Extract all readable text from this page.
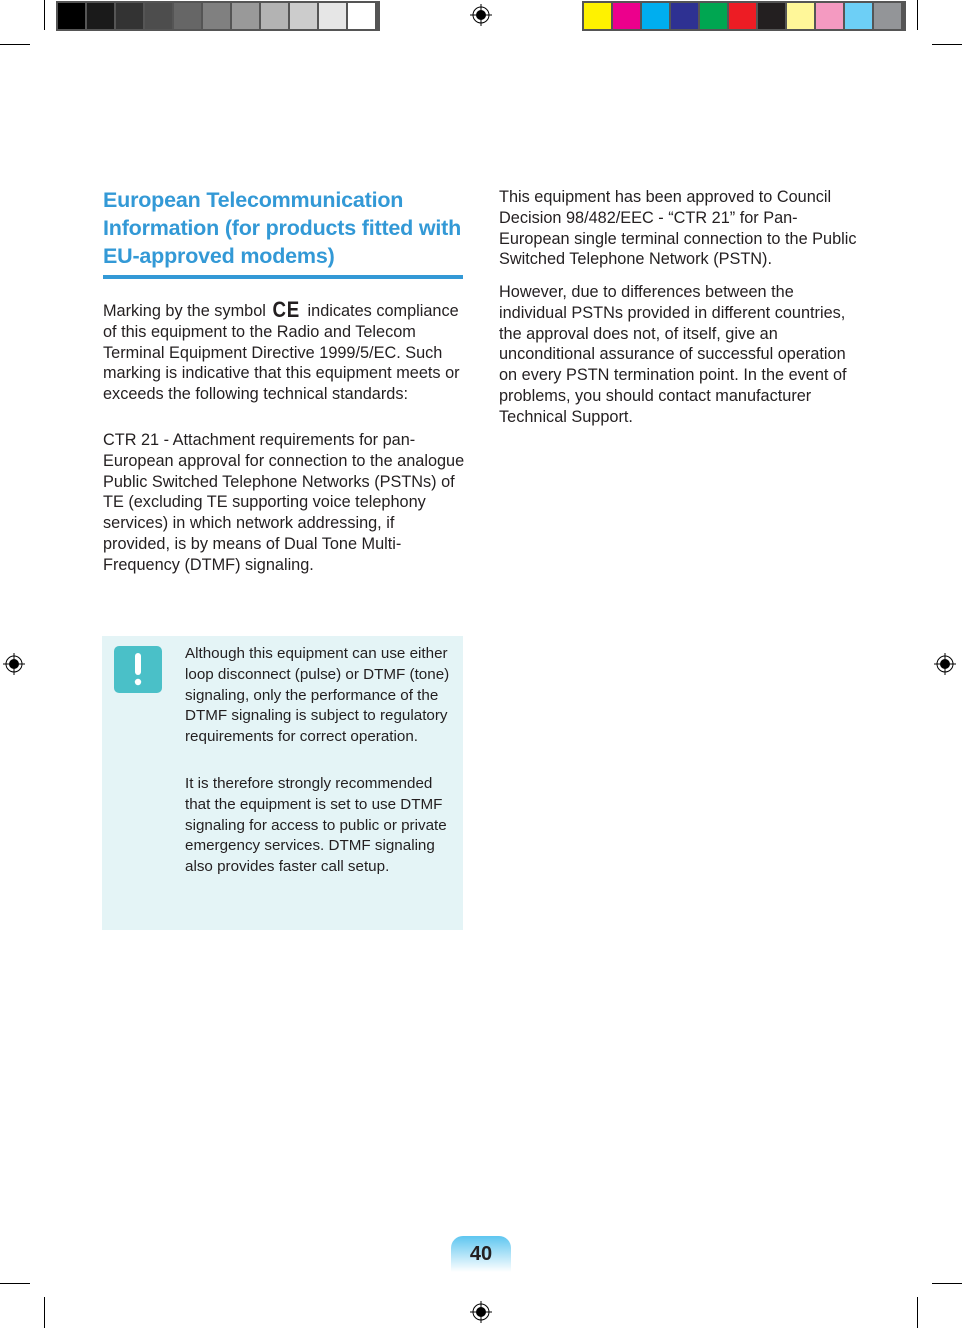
European Telecommunication
Information (for products fitted with
EU-approved modems)

Marking by the symbol CE indicates compliance of this equipment to the Radio and Telecom Terminal Equipment Directive 1999/5/EC. Such marking is indicative that this equipment meets or exceeds the following technical standards:

CTR 21 - Attachment requirements for pan-European approval for connection to the analogue Public Switched Telephone Networks (PSTNs) of TE (excluding TE supporting voice telephony services) in which network addressing, if provided, is by means of Dual Tone Multi-Frequency (DTMF) signaling.

Although this equipment can use either loop disconnect (pulse) or DTMF (tone) signaling, only the performance of the DTMF signaling is subject to regulatory requirements for correct operation.

It is therefore strongly recommended that the equipment is set to use DTMF signaling for access to public or private emergency services. DTMF signaling also provides faster call setup.

This equipment has been approved to Council Decision 98/482/EEC - “CTR 21” for Pan-European single terminal connection to the Public Switched Telephone Network (PSTN).

However, due to differences between the individual PSTNs provided in different countries, the approval does not, of itself, give an unconditional assurance of successful operation on every PSTN termination point. In the event of problems, you should contact manufacturer Technical Support.

40
